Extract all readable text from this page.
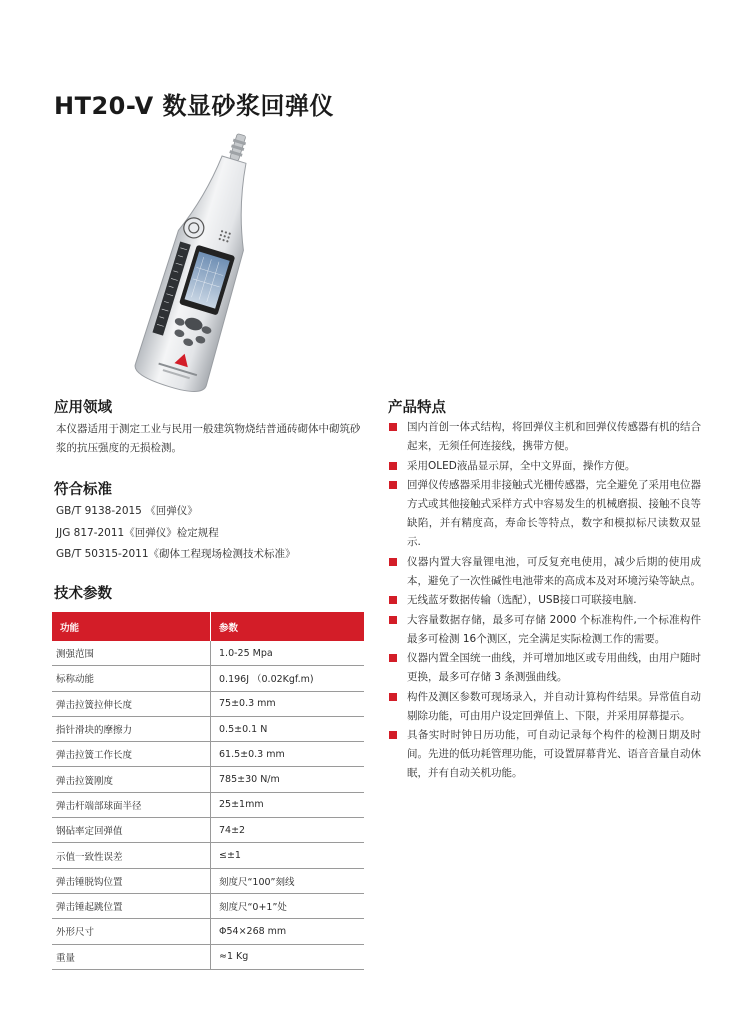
HT20-V 数显砂浆回弹仪
应用领域

本仪器适用于测定工业与民用一般建筑物烧结普通砖砌体中砌筑砂浆的抗压强度的无损检测。

符合标准
GB/T 9138-2015 《回弹仪》
JJG 817-2011《回弹仪》检定规程
GB/T 50315-2011《砌体工程现场检测技术标准》
技术参数
功能	参数
测强范围	1.0-25 Mpa
标称动能	0.196J （0.02Kgf.m)
弹击拉簧拉伸长度	75±0.3 mm
指针滑块的摩擦力	0.5±0.1 N
弹击拉簧工作长度	61.5±0.3 mm
弹击拉簧刚度	785±30 N/m
弹击杆端部球面半径	25±1mm
钢砧率定回弹值	74±2
示值一致性误差	≤±1
弹击锤脱钩位置	刻度尺“100”刻线
弹击锤起跳位置	刻度尺“0+1”处
外形尺寸	Φ54×268 mm
重量	≈1 Kg
产品特点
国内首创一体式结构，将回弹仪主机和回弹仪传感器有机的结合起来，无须任何连接线，携带方便。
采用OLED液晶显示屏，全中文界面，操作方便。
回弹仪传感器采用非接触式光栅传感器，完全避免了采用电位器方式或其他接触式采样方式中容易发生的机械磨损、接触不良等缺陷，并有精度高，寿命长等特点，数字和模拟标尺读数双显示.
仪器内置大容量锂电池，可反复充电使用，减少后期的使用成本，避免了一次性碱性电池带来的高成本及对环境污染等缺点。
无线蓝牙数据传输（选配），USB接口可联接电脑.
大容量数据存储，最多可存储 2000 个标准构件,一个标准构件最多可检测 16个测区，完全满足实际检测工作的需要。
仪器内置全国统一曲线，并可增加地区或专用曲线，由用户随时更换，最多可存储 3 条测强曲线。
构件及测区参数可现场录入，并自动计算构件结果。异常值自动剔除功能，可由用户设定回弹值上、下限，并采用屏幕提示。
具备实时时钟日历功能，可自动记录每个构件的检测日期及时间。先进的低功耗管理功能，可设置屏幕背光、语音音量自动休眠，并有自动关机功能。
